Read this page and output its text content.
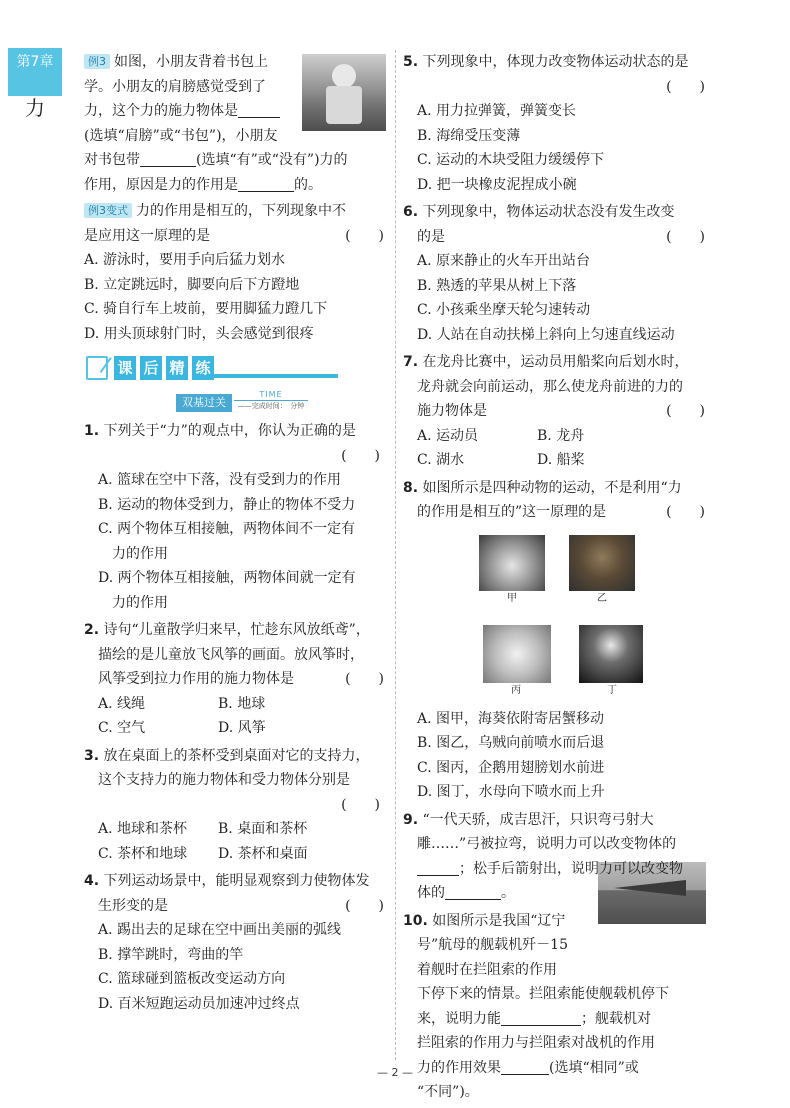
第7章
力
例3 如图，小朋友背着书包上
学。小朋友的肩膀感觉受到了
力，这个力的施力物体是
(选填“肩膀”或“书包”)，小朋友
对书包带	(选填“有”或“没有”)力的
作用，原因是力的作用是	的。
例3变式 力的作用是相互的，下列现象中不
是应用这一原理的是	(　　)
A. 游泳时，要用手向后猛力划水
B. 立定跳远时，脚要向后下方蹬地
C. 骑自行车上坡前，要用脚猛力蹬几下
D. 用头顶球射门时，头会感觉到很疼
课 后 精 练
双基过关
TIME
——完成时间：　分钟
1. 下列关于“力”的观点中，你认为正确的是
(　　)
A. 篮球在空中下落，没有受到力的作用
B. 运动的物体受到力，静止的物体不受力
C. 两个物体互相接触，两物体间不一定有
力的作用
D. 两个物体互相接触，两物体间就一定有
力的作用
2. 诗句“儿童散学归来早，忙趁东风放纸鸢”，
描绘的是儿童放飞风筝的画面。放风筝时，
风筝受到拉力作用的施力物体是	(　　)
A. 线绳	B. 地球
C. 空气	D. 风筝
3. 放在桌面上的茶杯受到桌面对它的支持力，
这个支持力的施力物体和受力物体分别是
(　　)
A. 地球和茶杯	B. 桌面和茶杯
C. 茶杯和地球	D. 茶杯和桌面
4. 下列运动场景中，能明显观察到力使物体发
生形变的是	(　　)
A. 踢出去的足球在空中画出美丽的弧线
B. 撑竿跳时，弯曲的竿
C. 篮球碰到篮板改变运动方向
D. 百米短跑运动员加速冲过终点
5. 下列现象中，体现力改变物体运动状态的是
(　　)
A. 用力拉弹簧，弹簧变长
B. 海绵受压变薄
C. 运动的木块受阻力缓缓停下
D. 把一块橡皮泥捏成小碗
6. 下列现象中，物体运动状态没有发生改变
的是	(　　)
A. 原来静止的火车开出站台
B. 熟透的苹果从树上下落
C. 小孩乘坐摩天轮匀速转动
D. 人站在自动扶梯上斜向上匀速直线运动
7. 在龙舟比赛中，运动员用船桨向后划水时，
龙舟就会向前运动，那么使龙舟前进的力的
施力物体是	(　　)
A. 运动员	B. 龙舟
C. 湖水	D. 船桨
8. 如图所示是四种动物的运动，不是利用“力
的作用是相互的”这一原理的是	(　　)
甲	乙
丙	丁
A. 图甲，海葵依附寄居蟹移动
B. 图乙，乌贼向前喷水而后退
C. 图丙，企鹅用翅膀划水前进
D. 图丁，水母向下喷水而上升
9. “一代天骄，成吉思汗，只识弯弓射大
雕……”弓被拉弯，说明力可以改变物体的
；松手后箭射出，说明力可以改变物
体的	。
10. 如图所示是我国“辽宁
号”航母的舰载机歼－15
着舰时在拦阻索的作用
下停下来的情景。拦阻索能使舰载机停下
来，说明力能	；舰载机对
拦阻索的作用力与拦阻索对战机的作用
力的作用效果	(选填“相同”或
“不同”)。
— 2 —
